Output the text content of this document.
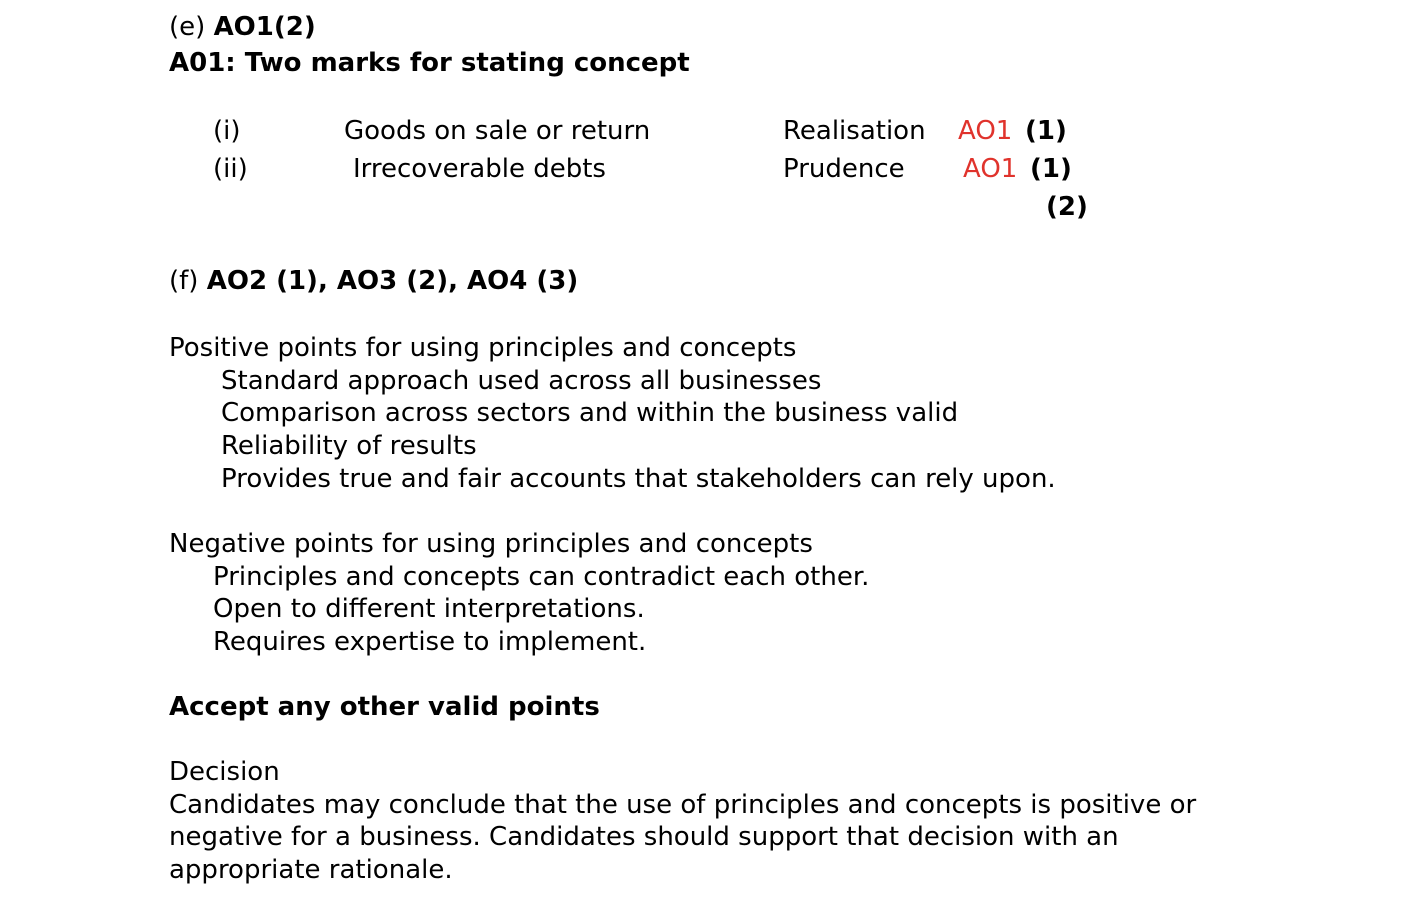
(e) AO1(2)
A01: Two marks for stating concept
(i)	Goods on sale or return	Realisation AO1 (1)
(ii)	Irrecoverable debts	Prudence AO1 (1)
(2)
(f) AO2 (1), AO3 (2), AO4 (3)
Positive points for using principles and concepts
Standard approach used across all businesses
Comparison across sectors and within the business valid
Reliability of results
Provides true and fair accounts that stakeholders can rely upon.
Negative points for using principles and concepts
Principles and concepts can contradict each other.
Open to different interpretations.
Requires expertise to implement.
Accept any other valid points
Decision
Candidates may conclude that the use of principles and concepts is positive or
negative for a business. Candidates should support that decision with an
appropriate rationale.
